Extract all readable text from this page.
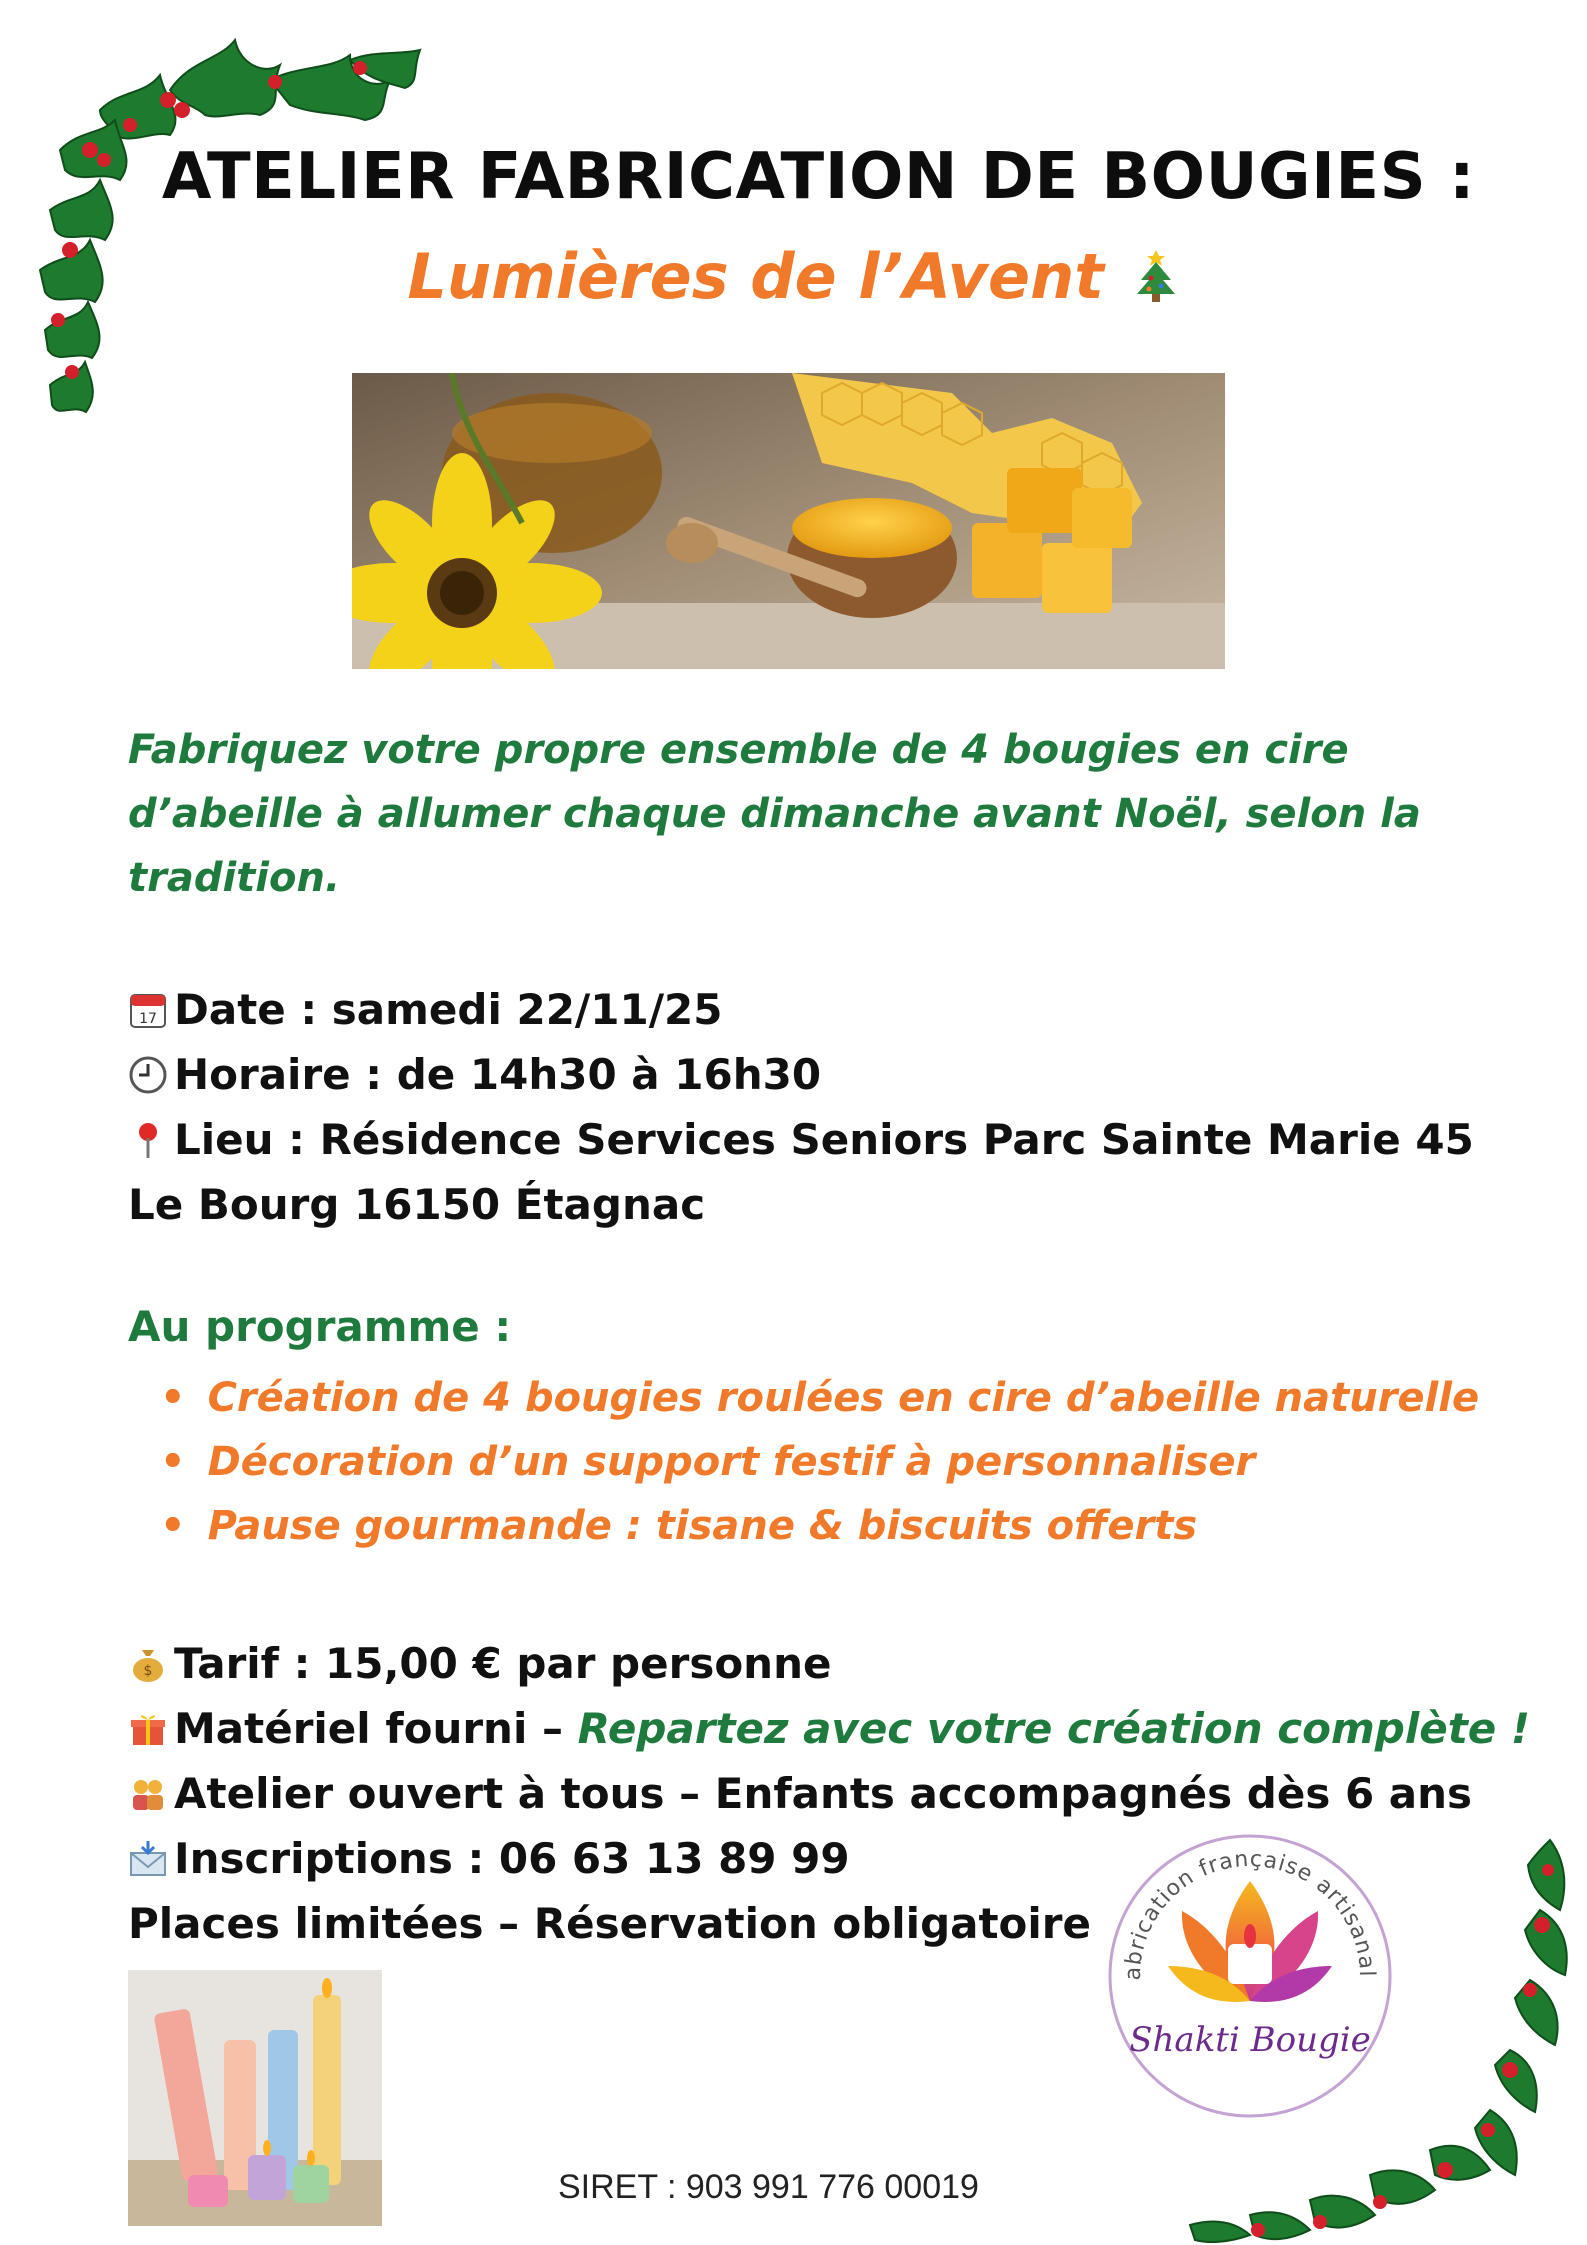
ATELIER FABRICATION DE BOUGIES :
Lumières de l’Avent
Fabriquez votre propre ensemble de 4 bougies en cire
d’abeille à allumer chaque dimanche avant Noël, selon la
tradition.
17 Date : samedi 22/11/25
Horaire : de 14h30 à 16h30
Lieu : Résidence Services Seniors Parc Sainte Marie 45
Le Bourg 16150 Étagnac
Au programme :
• Création de 4 bougies roulées en cire d’abeille naturelle
• Décoration d’un support festif à personnaliser
• Pause gourmande : tisane & biscuits offerts
$ Tarif : 15,00 € par personne
Matériel fourni – Repartez avec votre création complète !
Atelier ouvert à tous – Enfants accompagnés dès 6 ans
Inscriptions : 06 63 13 89 99
Places limitées – Réservation obligatoire
abrication française artisanal
Shakti Bougie
SIRET : 903 991 776 00019
